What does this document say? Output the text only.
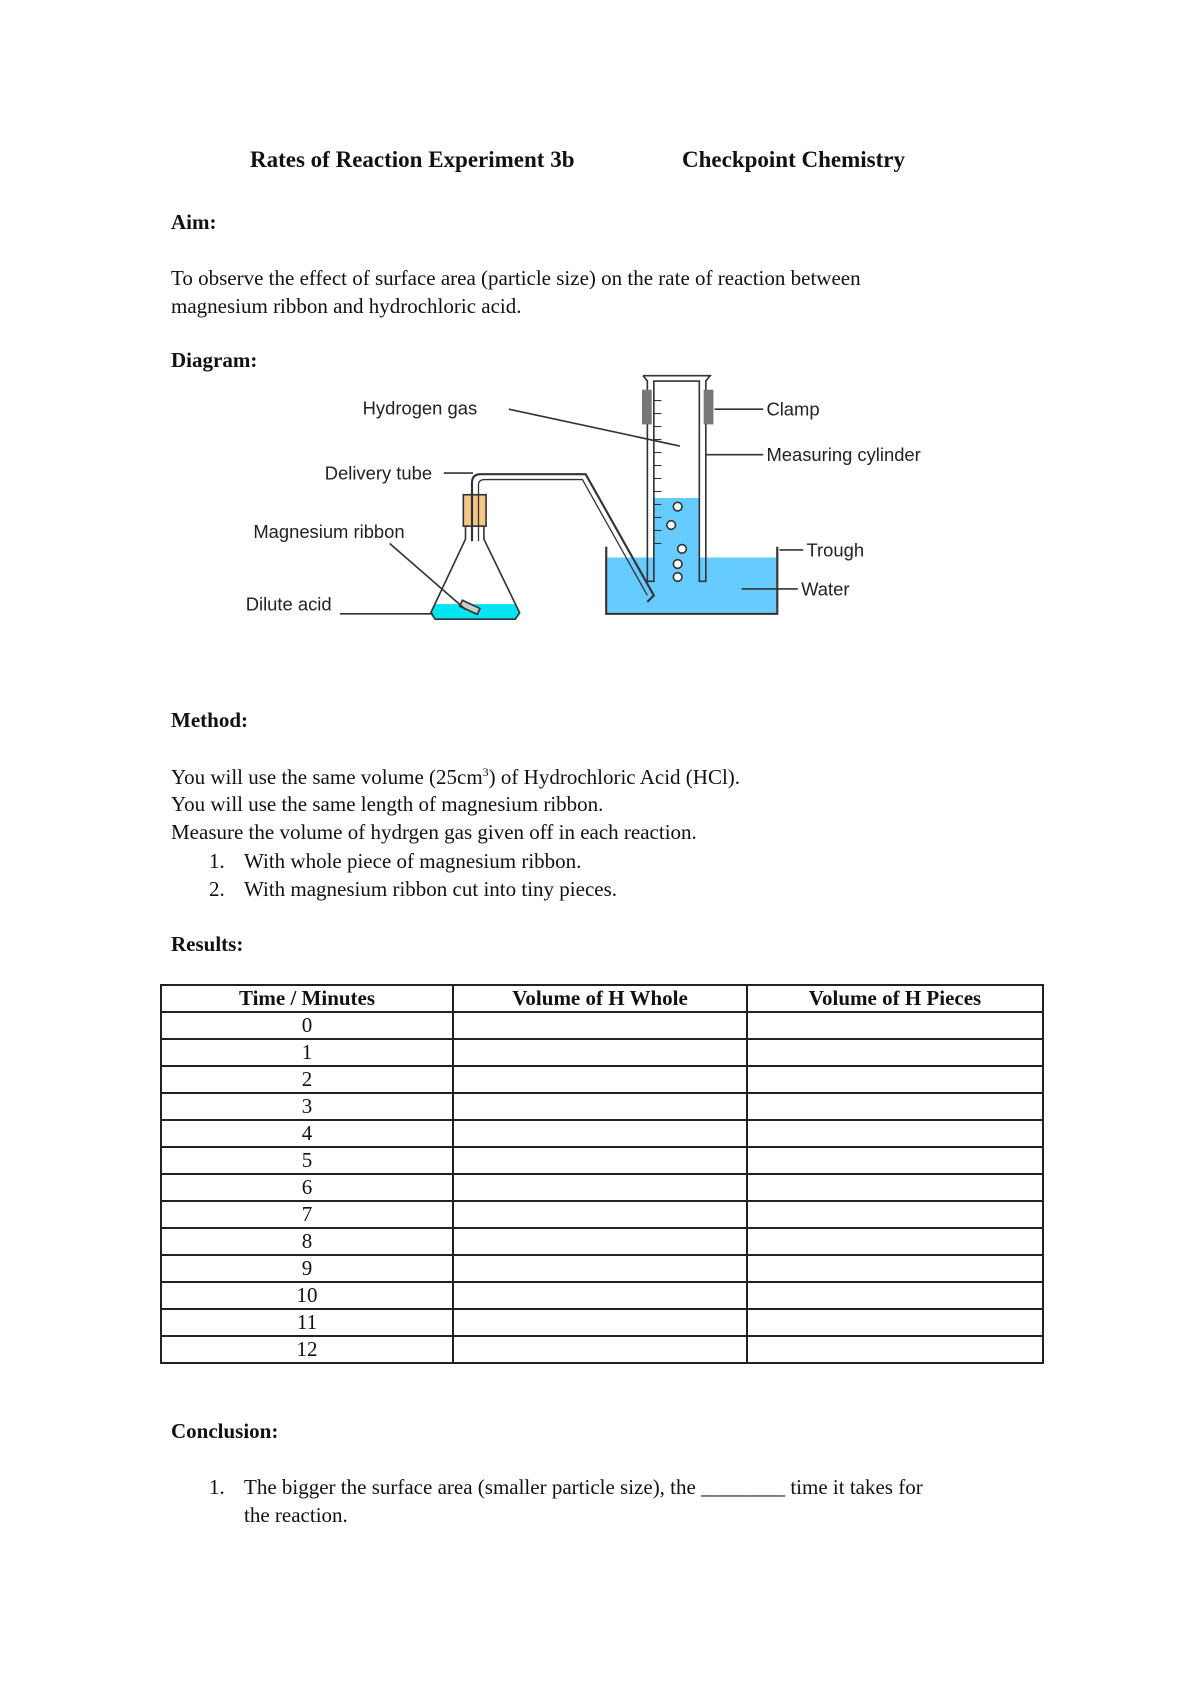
Rates of Reaction Experiment 3b	Checkpoint Chemistry
Aim:
To observe the effect of surface area (particle size) on the rate of reaction between
magnesium ribbon and hydrochloric acid.
Diagram:
Hydrogen gas
Delivery tube
Magnesium ribbon
Dilute acid
Clamp
Measuring cylinder
Trough
Water
Method:
You will use the same volume $(25cm^3)$ of Hydrochloric Acid (HCl).
You will use the same length of magnesium ribbon.
Measure the volume of hydrgen gas given off in each reaction.
1. With whole piece of magnesium ribbon.
2. With magnesium ribbon cut into tiny pieces.
Results:
Time / Minutes	Volume of H Whole	Volume of H Pieces
0		
1		
2		
3		
4		
5		
6		
7		
8		
9		
10		
11		
12		
Conclusion:
1. The bigger the surface area (smaller particle size), the ________ time it takes for
the reaction.
